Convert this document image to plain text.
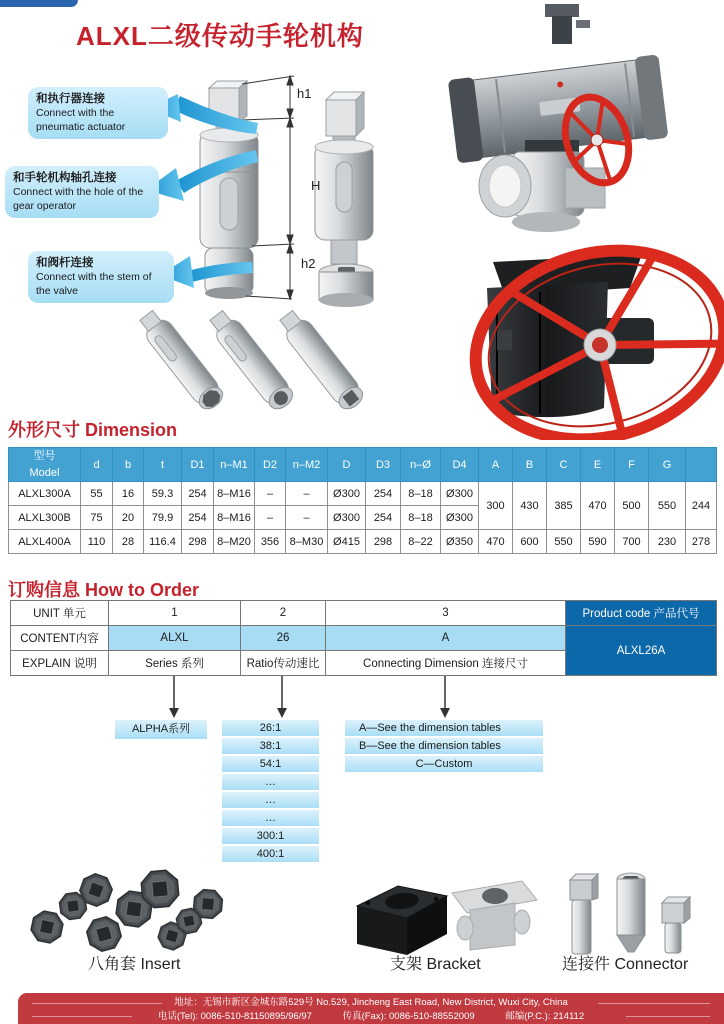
ALXL二级传动手轮机构
和执行器连接
Connect with the pneumatic actuator
和手轮机构轴孔连接
Connect with the hole of the gear operator
和阀杆连接
Connect with the stem of the valve
h1
H
h2
外形尺寸 Dimension
型号
Model	d	b	t	D1	n–M1	D2	n–M2	D	D3	n–Ø	D4	A	B	C	E	F	G	
ALXL300A	55	16	59.3	254	8–M16	–	–	Ø300	254	8–18	Ø300	300	430	385	470	500	550	244
ALXL300B	75	20	79.9	254	8–M16	–	–	Ø300	254	8–18	Ø300							
ALXL400A	110	28	116.4	298	8–M20	356	8–M30	Ø415	298	8–22	Ø350	470	600	550	590	700	230	278
订购信息 How to Order
UNIT 单元	1	2	3	Product code 产品代号
CONTENT内容	ALXL	26	A	ALXL26A
EXPLAIN 说明	Series 系列	Ratio传动速比	Connecting Dimension 连接尺寸	
ALPHA系列	26:1
38:1
54:1
…
…
…
300:1
400:1
A—See the dimension tables
B—See the dimension tables
C—Custom
八角套 Insert	支架 Bracket	连接件 Connector
地址：无锡市新区金城东路529号 No.529, Jincheng East Road, New District, Wuxi City, China
电话(Tel): 0086-510-81150895/96/97	传真(Fax): 0086-510-88552009	邮编(P.C.): 214112
